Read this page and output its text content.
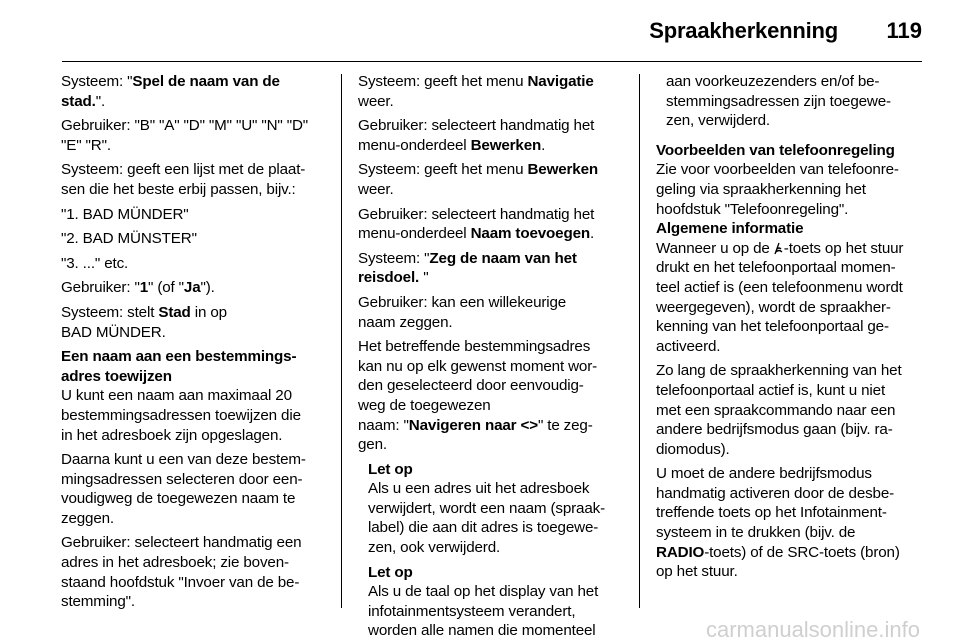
Spraakherkenning 119
Systeem: "Spel de naam van de
stad.".
Gebruiker: "B" "A" "D" "M" "U" "N" "D"
"E" "R".
Systeem: geeft een lijst met de plaat-
sen die het beste erbij passen, bijv.:
"1. BAD MÜNDER"
"2. BAD MÜNSTER"
"3. ..." etc.
Gebruiker: "1" (of "Ja").
Systeem: stelt Stad in op
BAD MÜNDER.
Een naam aan een bestemmings-
adres toewijzen
U kunt een naam aan maximaal 20
bestemmingsadressen toewijzen die
in het adresboek zijn opgeslagen.
Daarna kunt u een van deze bestem-
mingsadressen selecteren door een-
voudigweg de toegewezen naam te
zeggen.
Gebruiker: selecteert handmatig een
adres in het adresboek; zie boven-
staand hoofdstuk "Invoer van de be-
stemming".
Systeem: geeft het menu Navigatie
weer.
Gebruiker: selecteert handmatig het
menu-onderdeel Bewerken.
Systeem: geeft het menu Bewerken
weer.
Gebruiker: selecteert handmatig het
menu-onderdeel Naam toevoegen.
Systeem: "Zeg de naam van het
reisdoel. "
Gebruiker: kan een willekeurige
naam zeggen.
Het betreffende bestemmingsadres
kan nu op elk gewenst moment wor-
den geselecteerd door eenvoudig-
weg de toegewezen
naam: "Navigeren naar <>" te zeg-
gen.
Let op
Als u een adres uit het adresboek
verwijdert, wordt een naam (spraak-
label) die aan dit adres is toegewe-
zen, ook verwijderd.
Let op
Als u de taal op het display van het
infotainmentsysteem verandert,
worden alle namen die momenteel
aan voorkeuzezenders en/of be-
stemmingsadressen zijn toegewe-
zen, verwijderd.
Voorbeelden van telefoonregeling
Zie voor voorbeelden van telefoonre-
geling via spraakherkenning het
hoofdstuk "Telefoonregeling".
Algemene informatie
Wanneer u op de -toets op het stuur
drukt en het telefoonportaal momen-
teel actief is (een telefoonmenu wordt
weergegeven), wordt de spraakher-
kenning van het telefoonportaal ge-
activeerd.
Zo lang de spraakherkenning van het
telefoonportaal actief is, kunt u niet
met een spraakcommando naar een
andere bedrijfsmodus gaan (bijv. ra-
diomodus).
U moet de andere bedrijfsmodus
handmatig activeren door de desbe-
treffende toets op het Infotainment-
systeem in te drukken (bijv. de
RADIO-toets) of de SRC-toets (bron)
op het stuur.
carmanualsonline.info
